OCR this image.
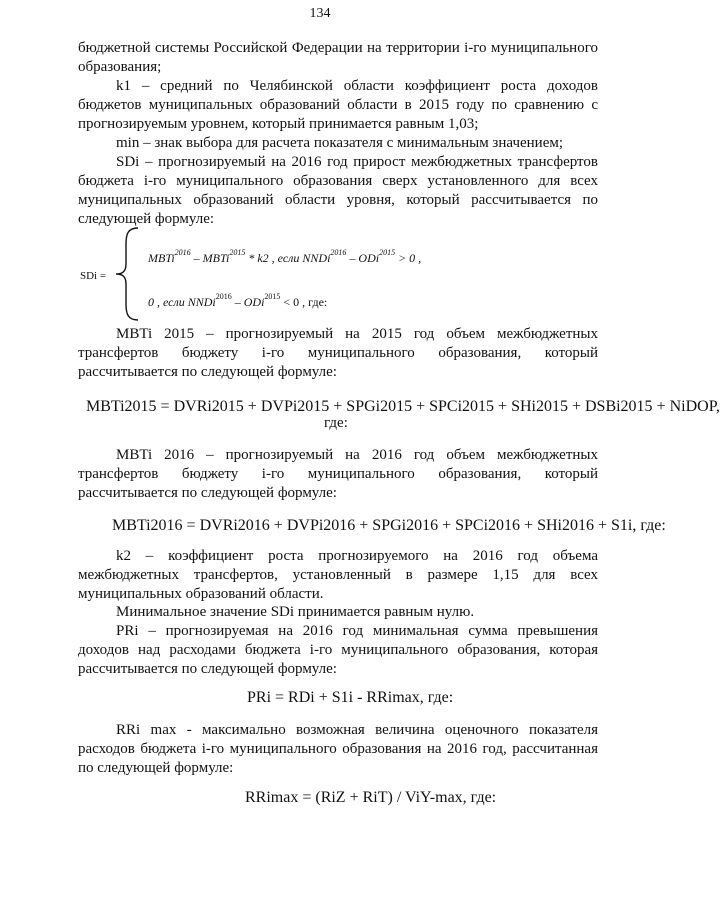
134
бюджетной системы Российской Федерации на территории i-го муниципального образования;
k1 – средний по Челябинской области коэффициент роста доходов бюджетов муниципальных образований области в 2015 году по сравнению с прогнозируемым уровнем, который принимается равным 1,03;
min – знак выбора для расчета показателя с минимальным значением;
SDi – прогнозируемый на 2016 год прирост межбюджетных трансфертов бюджета i-го муниципального образования сверх установленного для всех муниципальных образований области уровня, который рассчитывается по следующей формуле:
SDi =
MBTi$^{2016}$ – MBTi$^{2015}$ * k2 , если NNDi$^{2016}$ – ODi$^{2015}$ > 0 ,
0 , если NNDi$^{2016}$ – ODi$^{2015}$ < 0 , где:
MBTi 2015 – прогнозируемый на 2015 год объем межбюджетных трансфертов бюджету i-го муниципального образования, который рассчитывается по следующей формуле:
MBTi2015 = DVRi2015 + DVPi2015 + SPGi2015 + SPCi2015 + SHi2015 + DSBi2015 + NiDOP,
где:
MBTi 2016 – прогнозируемый на 2016 год объем межбюджетных трансфертов бюджету i-го муниципального образования, который рассчитывается по следующей формуле:
MBTi2016 = DVRi2016 + DVPi2016 + SPGi2016 + SPCi2016 + SHi2016 + S1i, где:
k2 – коэффициент роста прогнозируемого на 2016 год объема межбюджетных трансфертов, установленный в размере 1,15 для всех муниципальных образований области.
Минимальное значение SDi принимается равным нулю.
PRi – прогнозируемая на 2016 год минимальная сумма превышения доходов над расходами бюджета i-го муниципального образования, которая рассчитывается по следующей формуле:
PRi = RDi + S1i - RRimax, где:
RRi max - максимально возможная величина оценочного показателя расходов бюджета i-го муниципального образования на 2016 год, рассчитанная по следующей формуле:
RRimax = (RiZ + RiT) / ViY-max, где:
